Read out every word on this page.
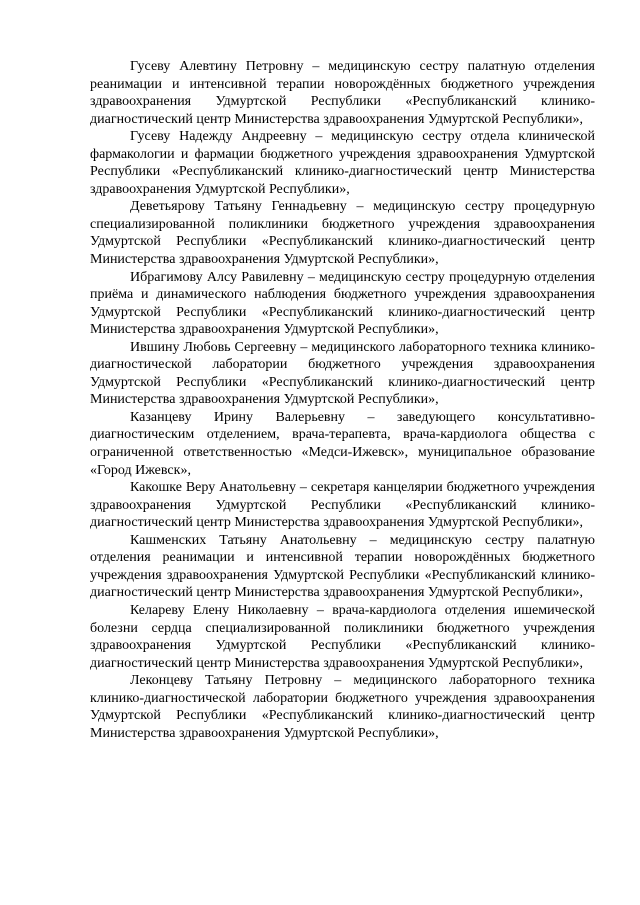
Гусеву Алевтину Петровну – медицинскую сестру палатную отделения реанимации и интенсивной терапии новорождённых бюджетного учреждения здравоохранения Удмуртской Республики «Республиканский клинико-диагностический центр Министерства здравоохранения Удмуртской Республики»,

Гусеву Надежду Андреевну – медицинскую сестру отдела клинической фармакологии и фармации бюджетного учреждения здравоохранения Удмуртской Республики «Республиканский клинико-диагностический центр Министерства здравоохранения Удмуртской Республики»,

Деветьярову Татьяну Геннадьевну – медицинскую сестру процедурную специализированной поликлиники бюджетного учреждения здравоохранения Удмуртской Республики «Республиканский клинико-диагностический центр Министерства здравоохранения Удмуртской Республики»,

Ибрагимову Алсу Равилевну – медицинскую сестру процедурную отделения приёма и динамического наблюдения бюджетного учреждения здравоохранения Удмуртской Республики «Республиканский клинико-диагностический центр Министерства здравоохранения Удмуртской Республики»,

Ившину Любовь Сергеевну – медицинского лабораторного техника клинико-диагностической лаборатории бюджетного учреждения здравоохранения Удмуртской Республики «Республиканский клинико-диагностический центр Министерства здравоохранения Удмуртской Республики»,

Казанцеву Ирину Валерьевну – заведующего консультативно-диагностическим отделением, врача-терапевта, врача-кардиолога общества с ограниченной ответственностью «Медси-Ижевск», муниципальное образование «Город Ижевск»,

Какошке Веру Анатольевну – секретаря канцелярии бюджетного учреждения здравоохранения Удмуртской Республики «Республиканский клинико-диагностический центр Министерства здравоохранения Удмуртской Республики»,

Кашменских Татьяну Анатольевну – медицинскую сестру палатную отделения реанимации и интенсивной терапии новорождённых бюджетного учреждения здравоохранения Удмуртской Республики «Республиканский клинико-диагностический центр Министерства здравоохранения Удмуртской Республики»,

Келареву Елену Николаевну – врача-кардиолога отделения ишемической болезни сердца специализированной поликлиники бюджетного учреждения здравоохранения Удмуртской Республики «Республиканский клинико-диагностический центр Министерства здравоохранения Удмуртской Республики»,

Леконцеву Татьяну Петровну – медицинского лабораторного техника клинико-диагностической лаборатории бюджетного учреждения здравоохранения Удмуртской Республики «Республиканский клинико-диагностический центр Министерства здравоохранения Удмуртской Республики»,
